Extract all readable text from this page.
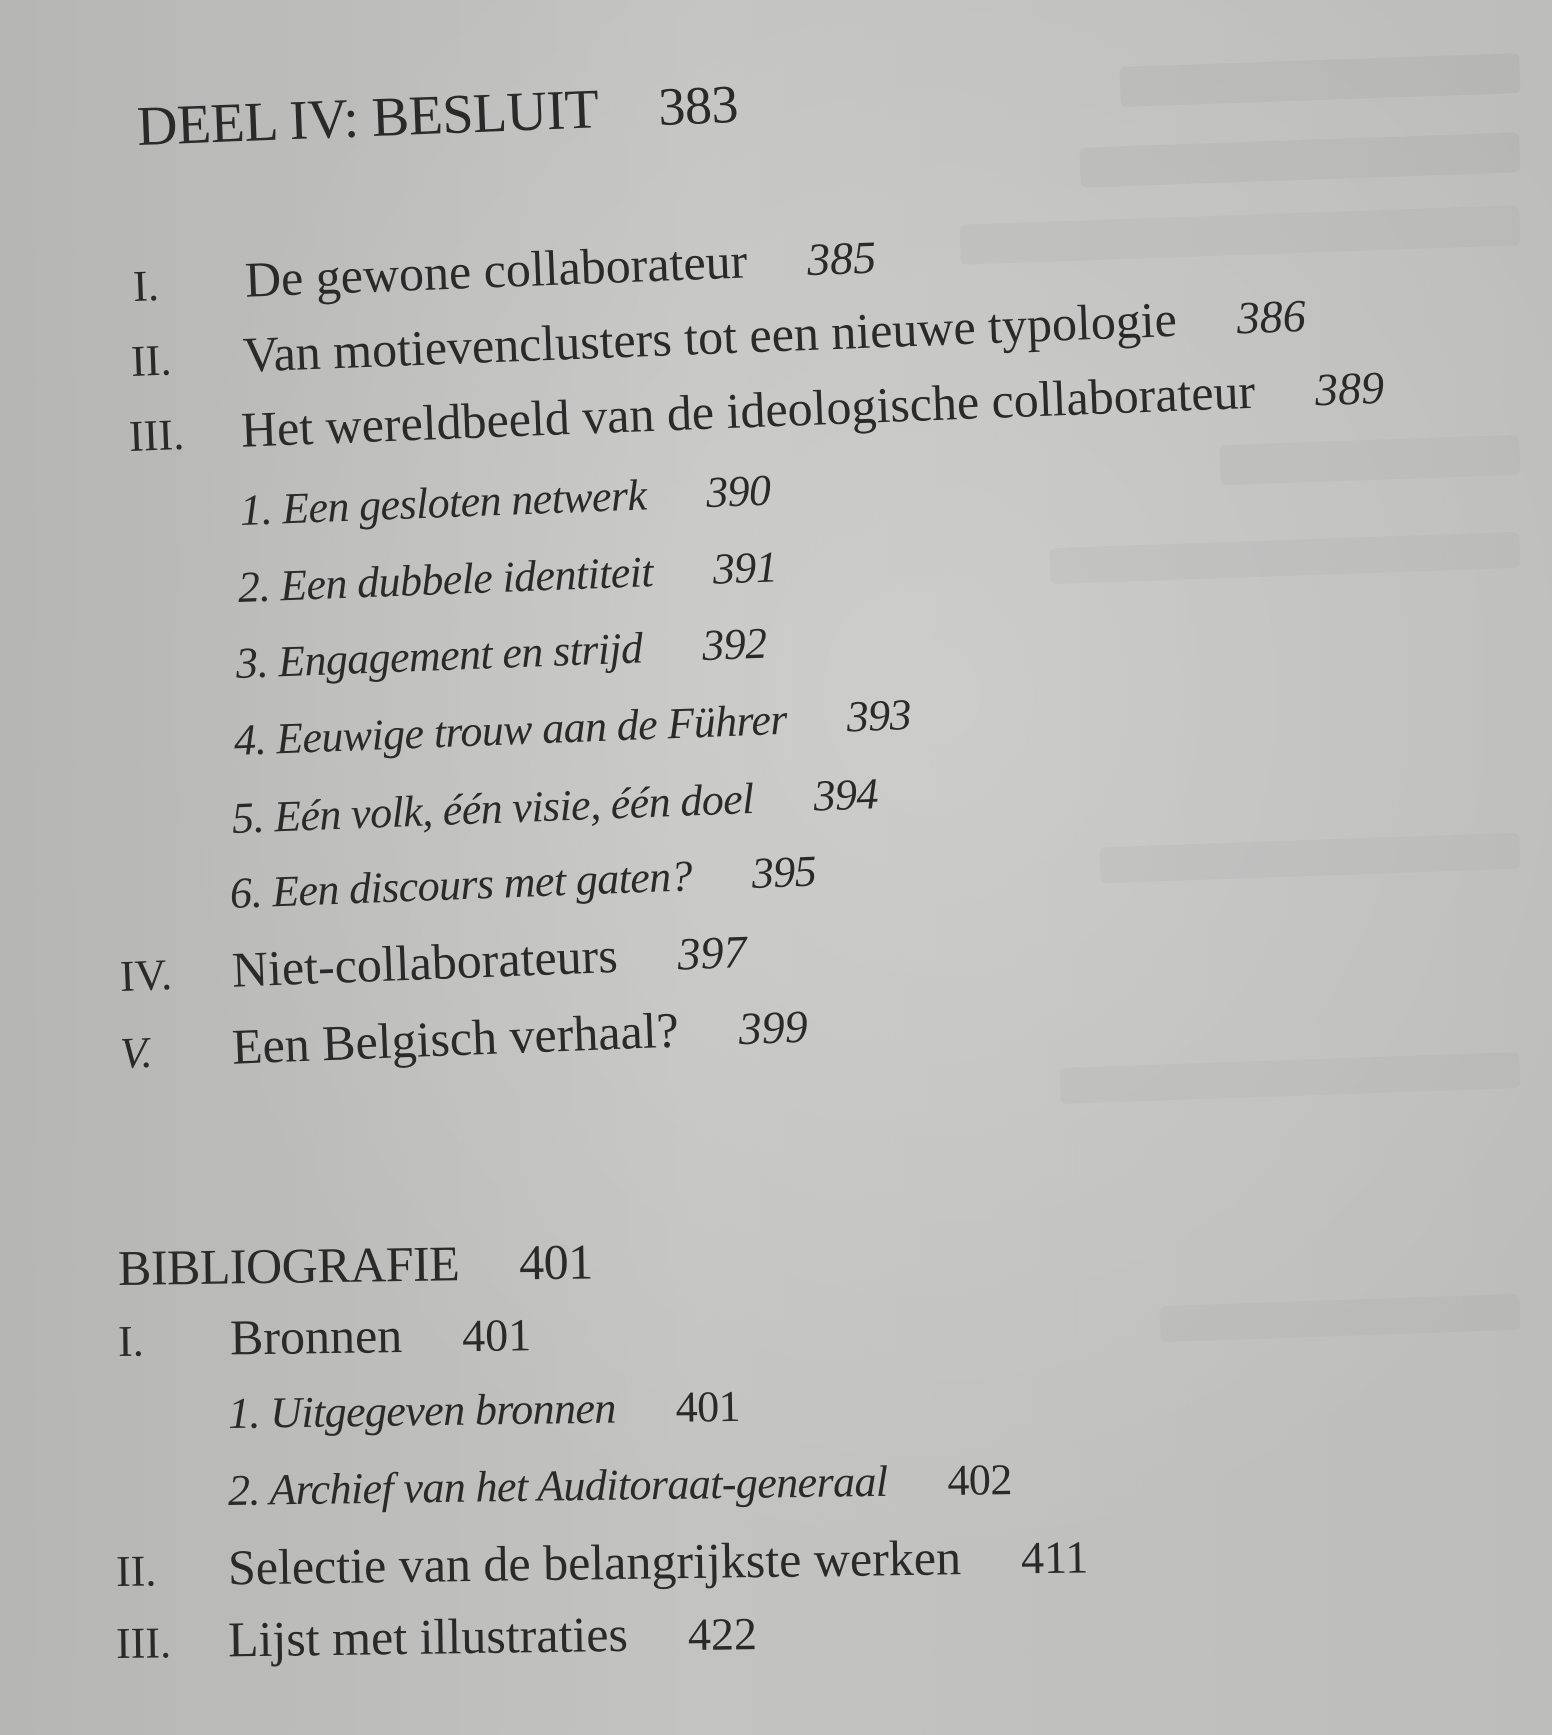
DEEL IV: BESLUIT 383
I. De gewone collaborateur 385
II. Van motievenclusters tot een nieuwe typologie 386
III. Het wereldbeeld van de ideologische collaborateur 389
1. Een gesloten netwerk 390
2. Een dubbele identiteit 391
3. Engagement en strijd 392
4. Eeuwige trouw aan de Führer 393
5. Eén volk, één visie, één doel 394
6. Een discours met gaten? 395
IV. Niet-collaborateurs 397
V. Een Belgisch verhaal? 399
BIBLIOGRAFIE 401
I. Bronnen 401
1. Uitgegeven bronnen 401
2. Archief van het Auditoraat-generaal 402
II. Selectie van de belangrijkste werken 411
III. Lijst met illustraties 422
